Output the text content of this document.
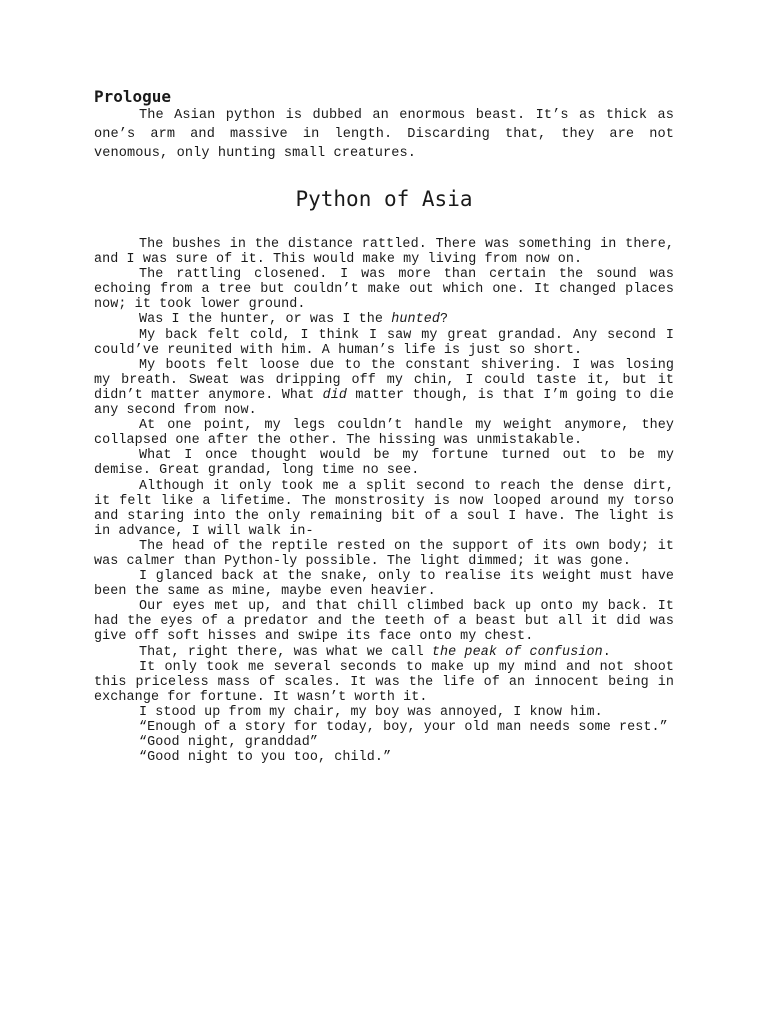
Prologue

The Asian python is dubbed an enormous beast. It’s as thick as one’s arm and massive in length. Discarding that, they are not venomous, only hunting small creatures.

Python of Asia

The bushes in the distance rattled. There was something in there, and I was sure of it. This would make my living from now on.

The rattling closened. I was more than certain the sound was echoing from a tree but couldn’t make out which one. It changed places now; it took lower ground.

Was I the hunter, or was I the hunted?

My back felt cold, I think I saw my great grandad. Any second I could’ve reunited with him. A human’s life is just so short.

My boots felt loose due to the constant shivering. I was losing my breath. Sweat was dripping off my chin, I could taste it, but it didn’t matter anymore. What did matter though, is that I’m going to die any second from now.

At one point, my legs couldn’t handle my weight anymore, they collapsed one after the other. The hissing was unmistakable.

What I once thought would be my fortune turned out to be my demise. Great grandad, long time no see.

Although it only took me a split second to reach the dense dirt, it felt like a lifetime. The monstrosity is now looped around my torso and staring into the only remaining bit of a soul I have. The light is in advance, I will walk in-

The head of the reptile rested on the support of its own body; it was calmer than Python-ly possible. The light dimmed; it was gone.

I glanced back at the snake, only to realise its weight must have been the same as mine, maybe even heavier.

Our eyes met up, and that chill climbed back up onto my back. It had the eyes of a predator and the teeth of a beast but all it did was give off soft hisses and swipe its face onto my chest.

That, right there, was what we call the peak of confusion.

It only took me several seconds to make up my mind and not shoot this priceless mass of scales. It was the life of an innocent being in exchange for fortune. It wasn’t worth it.

I stood up from my chair, my boy was annoyed, I know him.

“Enough of a story for today, boy, your old man needs some rest.”

“Good night, granddad”

“Good night to you too, child.”
